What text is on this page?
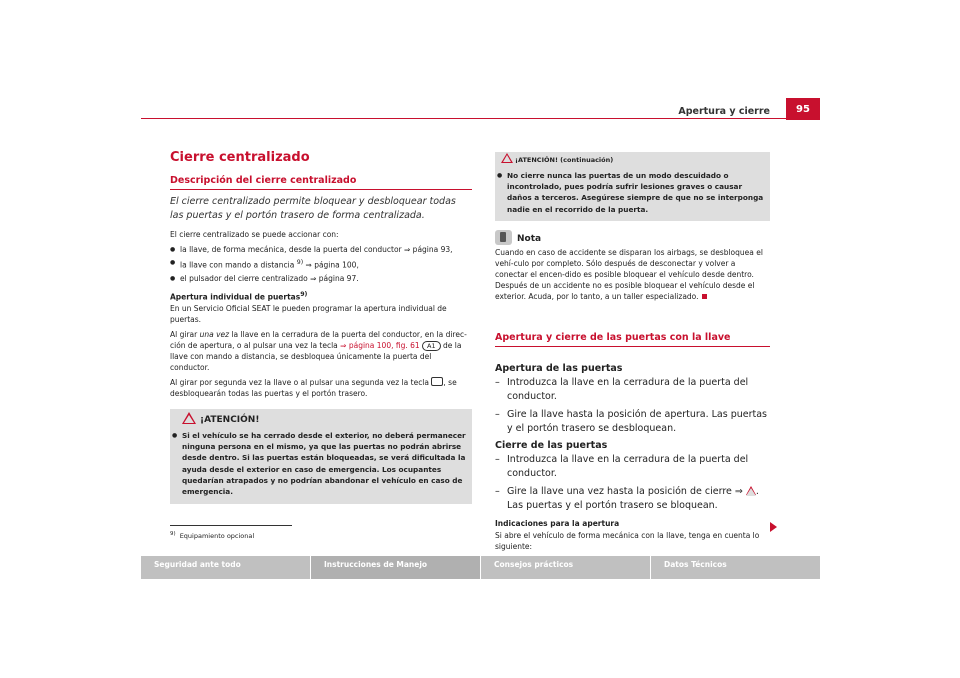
Apertura y cierre	95
Cierre centralizado
Descripción del cierre centralizado
El cierre centralizado permite bloquear y desbloquear todas las puertas y el portón trasero de forma centralizada.

El cierre centralizado se puede accionar con:

● la llave, de forma mecánica, desde la puerta del conductor ⇒ página 93,
● la llave con mando a distancia $^{9)}$ ⇒ página 100,
● el pulsador del cierre centralizado ⇒ página 97.
Apertura individual de puertas$^{9)}$

En un Servicio Oficial SEAT le pueden programar la apertura individual de puertas.

Al girar una vez la llave en la cerradura de la puerta del conductor, en la direc-ción de apertura, o al pulsar una vez la tecla ⇒ página 100, fig. 61 A1 de la llave con mando a distancia, se desbloquea únicamente la puerta del conductor.

Al girar por segunda vez la llave o al pulsar una segunda vez la tecla , se desbloquearán todas las puertas y el portón trasero.

¡ATENCIÓN!
● Si el vehículo se ha cerrado desde el exterior, no deberá permanecer ninguna persona en el mismo, ya que las puertas no podrán abrirse desde dentro. Si las puertas están bloqueadas, se verá dificultada la ayuda desde el exterior en caso de emergencia. Los ocupantes quedarían atrapados y no podrían abandonar el vehículo en caso de emergencia.
$^{9)}$ Equipamiento opcional
¡ATENCIÓN! (continuación)
● No cierre nunca las puertas de un modo descuidado o incontrolado, pues podría sufrir lesiones graves o causar daños a terceros. Asegúrese siempre de que no se interponga nadie en el recorrido de la puerta.
Nota

Cuando en caso de accidente se disparan los airbags, se desbloquea el vehí-culo por completo. Sólo después de desconectar y volver a conectar el encen-dido es posible bloquear el vehículo desde dentro. Después de un accidente no es posible bloquear el vehículo desde el exterior. Acuda, por lo tanto, a un taller especializado.

Apertura y cierre de las puertas con la llave
Apertura de las puertas
– Introduzca la llave en la cerradura de la puerta del conductor.
– Gire la llave hasta la posición de apertura. Las puertas y el portón trasero se desbloquean.
Cierre de las puertas
– Introduzca la llave en la cerradura de la puerta del conductor.
– Gire la llave una vez hasta la posición de cierre ⇒ . Las puertas y el portón trasero se bloquean.
Indicaciones para la apertura

Si abre el vehículo de forma mecánica con la llave, tenga en cuenta lo siguiente:

Seguridad ante todo	Instrucciones de Manejo	Consejos prácticos	Datos Técnicos
